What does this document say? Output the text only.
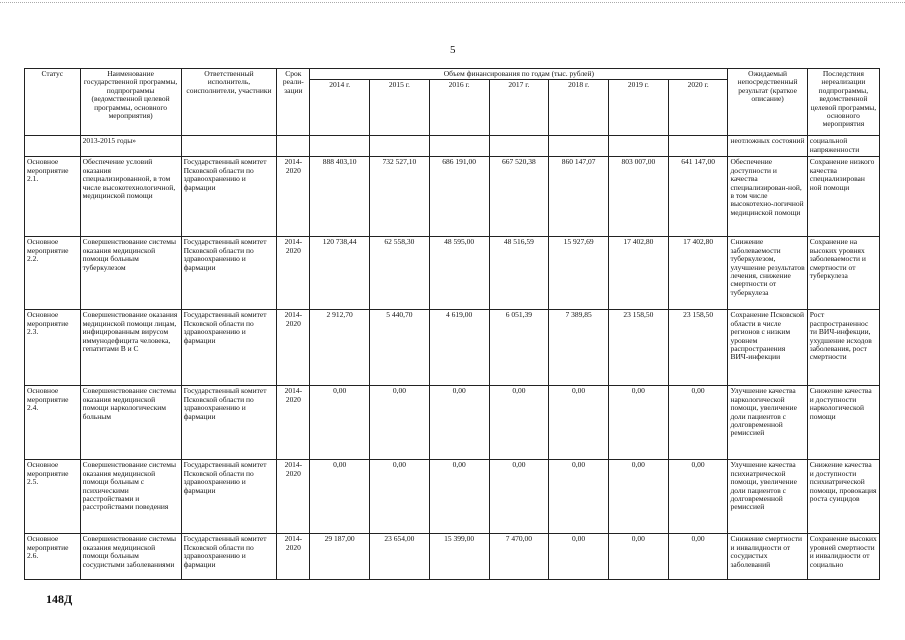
5
Статус	Наименование государственной программы, подпрограммы (ведомственной целевой программы, основного мероприятия)	Ответственный исполнитель, соисполнители, участники	Срок реали-зации	Объем финансирования по годам (тыс. рублей)							Ожидаемый непосредственный результат (краткое описание)	Последствия нереализации подпрограммы, ведомственной целевой программы, основного мероприятия
				2014 г.	2015 г.	2016 г.	2017 г.	2018 г.	2019 г.	2020 г.		
	2013-2015 годы»										неотложных состояний	социальной напряженности
Основное мероприятие 2.1.	Обеспечение условий оказания специализированной, в том числе высокотехнологичной, медицинской помощи	Государственный комитет Псковской области по здравоохранению и фармации	2014-2020	888 403,10	732 527,10	686 191,00	667 520,38	860 147,07	803 007,00	641 147,00	Обеспечение доступности и качества специализирован-ной, в том числе высокотехно-логичной медицинской помощи	Сохранение низкого качества специализирован ной помощи
Основное мероприятие 2.2.	Совершенствование системы оказания медицинской помощи больным туберкулезом	Государственный комитет Псковской области по здравоохранению и фармации	2014-2020	120 738,44	62 558,30	48 595,00	48 516,59	15 927,69	17 402,80	17 402,80	Снижение заболеваемости туберкулезом, улучшение результатов лечения, снижение смертности от туберкулеза	Сохранение на высоких уровнях заболеваемости и смертности от туберкулеза
Основное мероприятие 2.3.	Совершенствование оказания медицинской помощи лицам, инфицированным вирусом иммунодефицита человека, гепатитами В и С	Государственный комитет Псковской области по здравоохранению и фармации	2014-2020	2 912,70	5 440,70	4 619,00	6 051,39	7 389,85	23 158,50	23 158,50	Сохранение Псковской области в числе регионов с низким уровнем распространения ВИЧ-инфекции	Рост распространеннос ти ВИЧ-инфекции, ухудшение исходов заболевания, рост смертности
Основное мероприятие 2.4.	Совершенствование системы оказания медицинской помощи наркологическим больным	Государственный комитет Псковской области по здравоохранению и фармации	2014-2020	0,00	0,00	0,00	0,00	0,00	0,00	0,00	Улучшение качества наркологической помощи, увеличение доли пациентов с долговременной ремиссией	Снижение качества и доступности наркологической помощи
Основное мероприятие 2.5.	Совершенствование системы оказания медицинской помощи больным с психическими расстройствами и расстройствами поведения	Государственный комитет Псковской области по здравоохранению и фармации	2014-2020	0,00	0,00	0,00	0,00	0,00	0,00	0,00	Улучшение качества психиатрической помощи, увеличение доли пациентов с долговременной ремиссией	Снижение качества и доступности психиатрической помощи, провокация роста суицидов
Основное мероприятие 2.6.	Совершенствование системы оказания медицинской помощи больным сосудистыми заболеваниями	Государственный комитет Псковской области по здравоохранению и фармации	2014-2020	29 187,00	23 654,00	15 399,00	7 470,00	0,00	0,00	0,00	Снижение смертности и инвалидности от сосудистых заболеваний	Сохранение высоких уровней смертности и инвалидности от социально
148Д
